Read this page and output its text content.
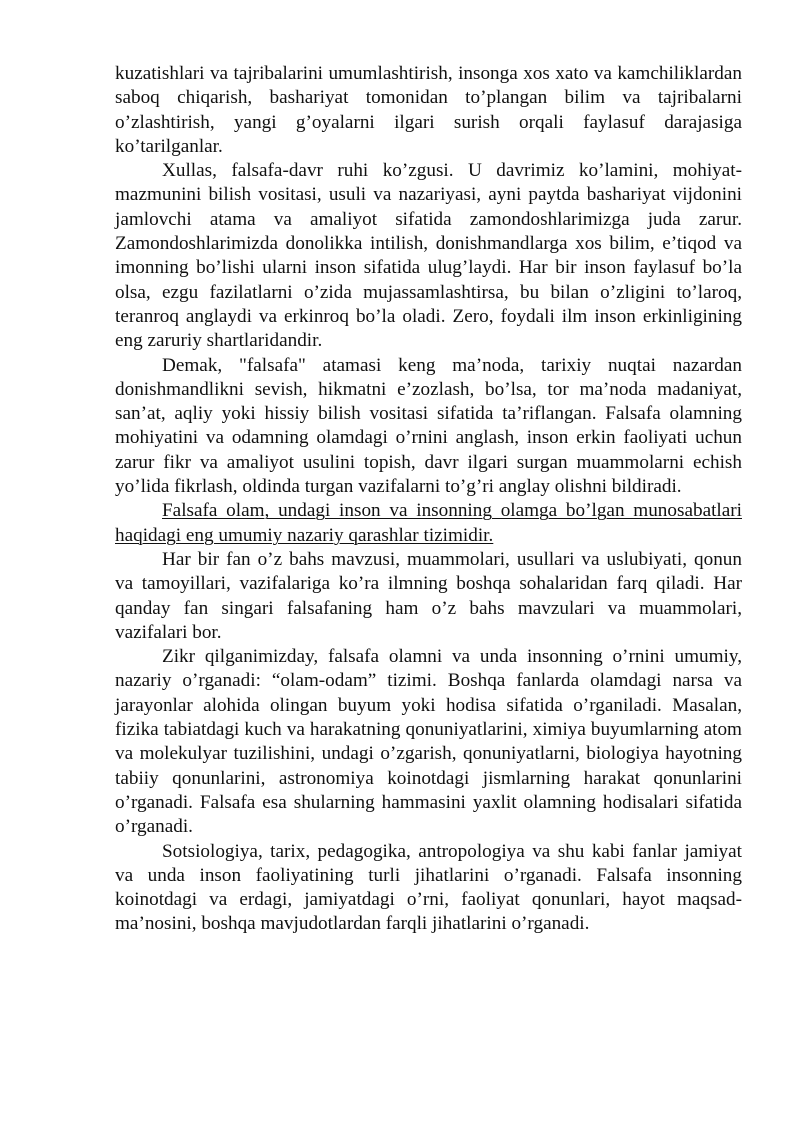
kuzatishlari va tajribalarini umumlashtirish, insonga xos xato va kamchiliklardan saboq chiqarish, bashariyat tomonidan to’plangan bilim va tajribalarni o’zlashtirish, yangi g’oyalarni ilgari surish orqali faylasuf darajasiga ko’tarilganlar.

Xullas, falsafa-davr ruhi ko’zgusi. U davrimiz ko’lamini, mohiyat-mazmunini bilish vositasi, usuli va nazariyasi, ayni paytda bashariyat vijdonini jamlovchi atama va amaliyot sifatida zamondoshlarimizga juda zarur. Zamondoshlarimizda donolikka intilish, donishmandlarga xos bilim, e’tiqod va imonning bo’lishi ularni inson sifatida ulug’laydi. Har bir inson faylasuf bo’la olsa, ezgu fazilatlarni o’zida mujassamlashtirsa, bu bilan o’zligini to’laroq, teranroq anglaydi va erkinroq bo’la oladi. Zero, foydali ilm inson erkinligining eng zaruriy shartlaridandir.

Demak, "falsafa" atamasi keng ma’noda, tarixiy nuqtai nazardan donishmandlikni sevish, hikmatni e’zozlash, bo’lsa, tor ma’noda madaniyat, san’at, aqliy yoki hissiy bilish vositasi sifatida ta’riflangan. Falsafa olamning mohiyatini va odamning olamdagi o’rnini anglash, inson erkin faoliyati uchun zarur fikr va amaliyot usulini topish, davr ilgari surgan muammolarni echish yo’lida fikrlash, oldinda turgan vazifalarni to’g’ri anglay olishni bildiradi.

Falsafa olam, undagi inson va insonning olamga bo’lgan munosabatlari haqidagi eng umumiy nazariy qarashlar tizimidir.

Har bir fan o’z bahs mavzusi, muammolari, usullari va uslubiyati, qonun va tamoyillari, vazifalariga ko’ra ilmning boshqa sohalaridan farq qiladi. Har qanday fan singari falsafaning ham o’z bahs mavzulari va muammolari, vazifalari bor.

Zikr qilganimizday, falsafa olamni va unda insonning o’rnini umumiy, nazariy o’rganadi: “olam-odam” tizimi. Boshqa fanlarda olamdagi narsa va jarayonlar alohida olingan buyum yoki hodisa sifatida o’rganiladi. Masalan, fizika tabiatdagi kuch va harakatning qonuniyatlarini, ximiya buyumlarning atom va molekulyar tuzilishini, undagi o’zgarish, qonuniyatlarni, biologiya hayotning tabiiy qonunlarini, astronomiya koinotdagi jismlarning harakat qonunlarini o’rganadi. Falsafa esa shularning hammasini yaxlit olamning hodisalari sifatida o’rganadi.

Sotsiologiya, tarix, pedagogika, antropologiya va shu kabi fanlar jamiyat va unda inson faoliyatining turli jihatlarini o’rganadi. Falsafa insonning koinotdagi va erdagi, jamiyatdagi o’rni, faoliyat qonunlari, hayot maqsad-ma’nosini, boshqa mavjudotlardan farqli jihatlarini o’rganadi.
